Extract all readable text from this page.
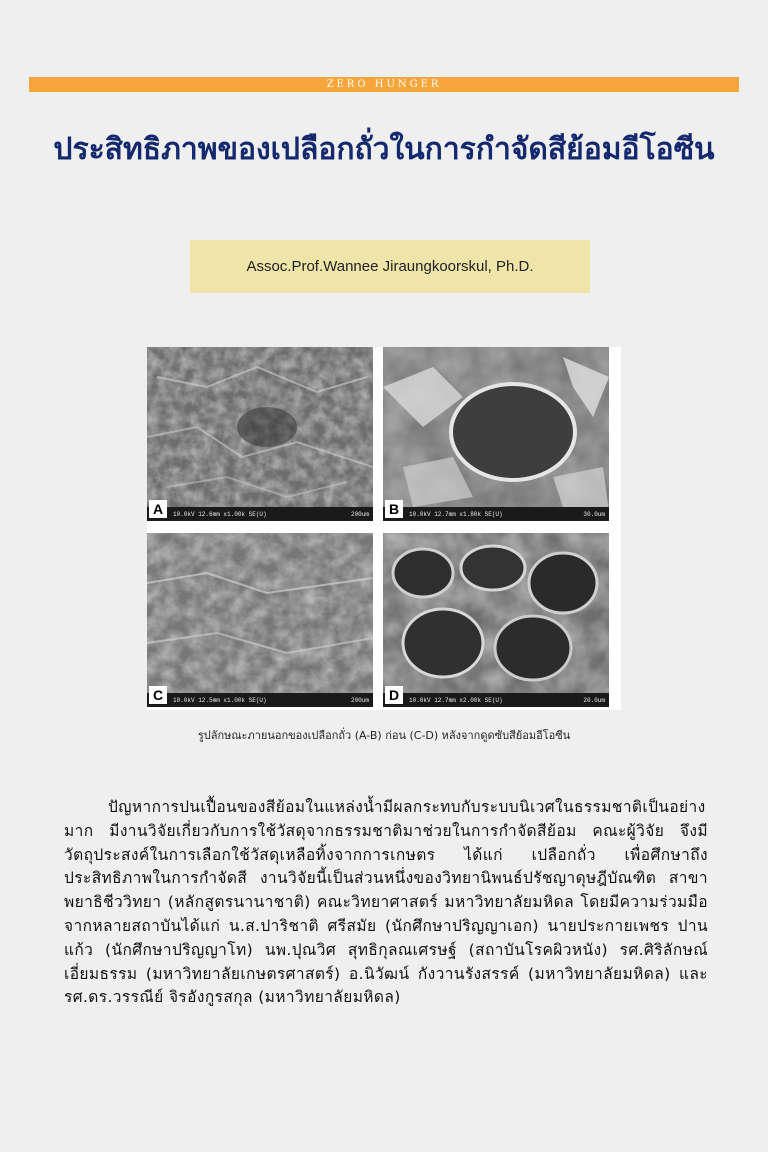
ZERO HUNGER
ประสิทธิภาพของเปลือกถั่วในการกำจัดสีย้อมอีโอซีน
Assoc.Prof.Wannee Jiraungkoorskul, Ph.D.
A	10.0kV 12.6mm x1.00k SE(U)	200um B	10.0kV 12.7mm x1.80k SE(U)	30.0um
C	10.0kV 12.5mm x1.00k SE(U)	200um D	10.0kV 12.7mm x2.00k SE(U)	20.0um
รูปลักษณะภายนอกของเปลือกถั่ว (A-B) ก่อน (C-D) หลังจากดูดซับสีย้อมอีโอซีน

ปัญหาการปนเปื้อนของสีย้อมในแหล่งน้ำมีผลกระทบกับระบบนิเวศในธรรมชาติเป็นอย่างมาก มีงานวิจัยเกี่ยวกับการใช้วัสดุจากธรรมชาติมาช่วยในการกำจัดสีย้อม คณะผู้วิจัย จึงมีวัตถุประสงค์ในการเลือกใช้วัสดุเหลือทิ้งจากการเกษตร ได้แก่ เปลือกถั่ว เพื่อศึกษาถึงประสิทธิภาพในการกำจัดสี งานวิจัยนี้เป็นส่วนหนึ่งของวิทยานิพนธ์ปรัชญาดุษฎีบัณฑิต สาขาพยาธิชีววิทยา (หลักสูตรนานาชาติ) คณะวิทยาศาสตร์ มหาวิทยาลัยมหิดล โดยมีความร่วมมือจากหลายสถาบันได้แก่ น.ส.ปาริชาติ ศรีสมัย (นักศึกษาปริญญาเอก) นายประกายเพชร ปานแก้ว (นักศึกษาปริญญาโท) นพ.ปุณวิศ สุทธิกุลณเศรษฐ์ (สถาบันโรคผิวหนัง) รศ.ศิริลักษณ์ เอี่ยมธรรม (มหาวิทยาลัยเกษตรศาสตร์) อ.นิวัฒน์ กังวานรังสรรค์ (มหาวิทยาลัยมหิดล) และ รศ.ดร.วรรณีย์ จิรอังกูรสกุล (มหาวิทยาลัยมหิดล)
